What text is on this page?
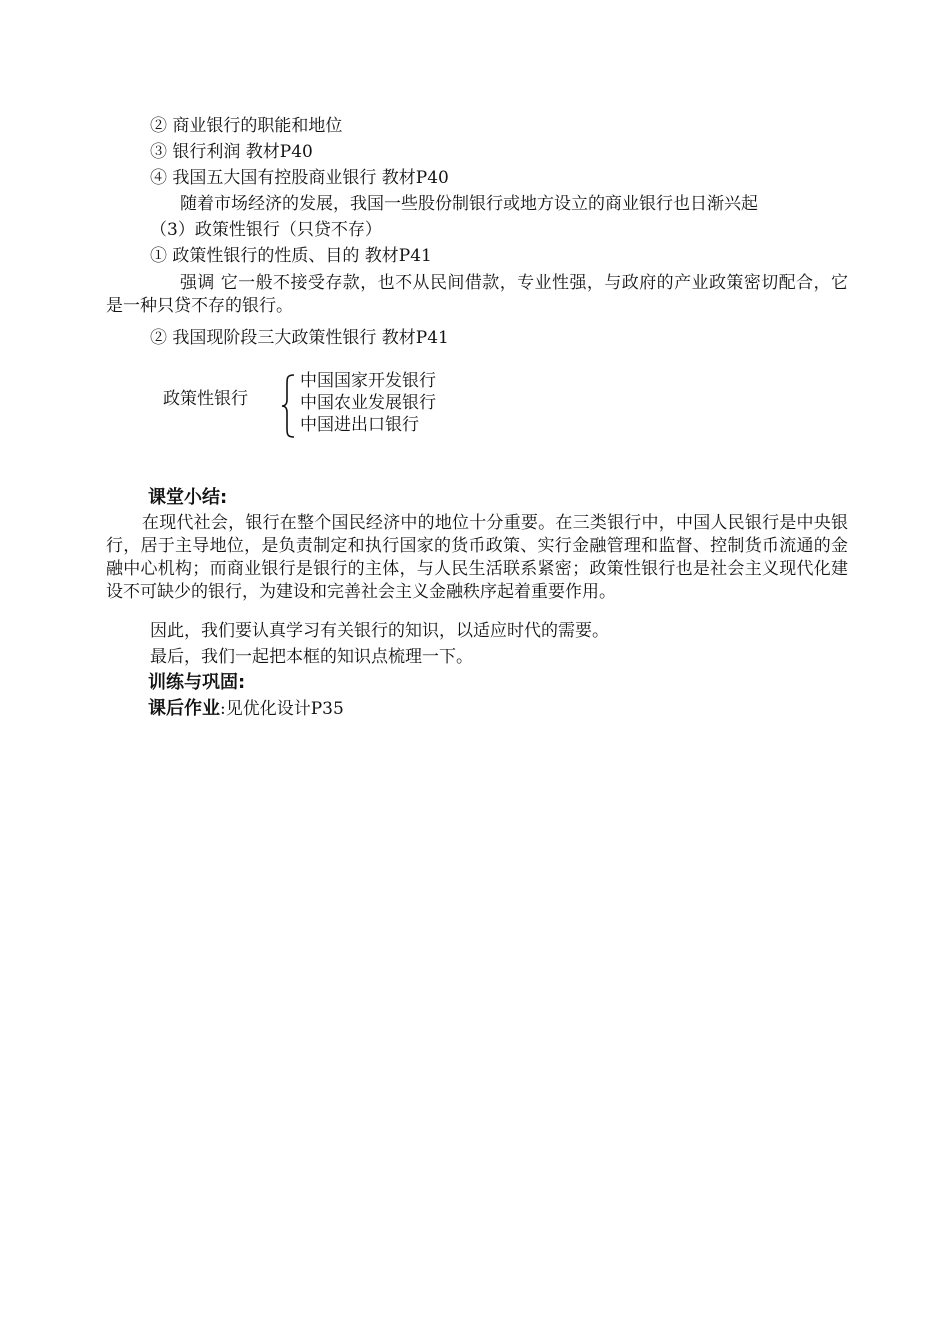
② 商业银行的职能和地位
③ 银行利润 教材P40
④ 我国五大国有控股商业银行 教材P40
随着市场经济的发展，我国一些股份制银行或地方设立的商业银行也日渐兴起
（3）政策性银行（只贷不存）
① 政策性银行的性质、目的 教材P41
强调 它一般不接受存款，也不从民间借款，专业性强，与政府的产业政策密切配合，它是一种只贷不存的银行。
② 我国现阶段三大政策性银行 教材P41
政策性银行
中国国家开发银行
中国农业发展银行
中国进出口银行
课堂小结:
在现代社会，银行在整个国民经济中的地位十分重要。在三类银行中，中国人民银行是中央银行，居于主导地位，是负责制定和执行国家的货币政策、实行金融管理和监督、控制货币流通的金融中心机构；而商业银行是银行的主体，与人民生活联系紧密；政策性银行也是社会主义现代化建设不可缺少的银行，为建设和完善社会主义金融秩序起着重要作用。
因此，我们要认真学习有关银行的知识，以适应时代的需要。
最后，我们一起把本框的知识点梳理一下。
训练与巩固:
课后作业:见优化设计P35
